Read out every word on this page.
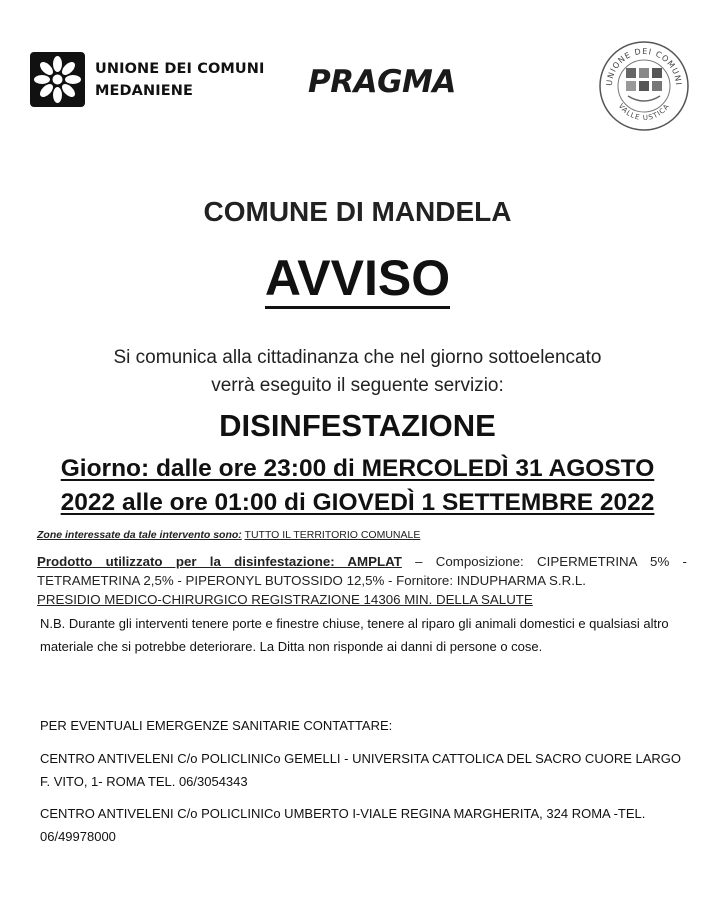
UNIONE DEI COMUNI
MEDANIENE	PRAGMA	UNIONE DEI COMUNI
VALLE USTICA
COMUNE DI MANDELA
AVVISO
Si comunica alla cittadinanza che nel giorno sottoelencato
verrà eseguito il seguente servizio:
DISINFESTAZIONE
Giorno: dalle ore 23:00 di MERCOLEDÌ 31 AGOSTO
2022 alle ore 01:00 di GIOVEDÌ 1 SETTEMBRE 2022
Zone interessate da tale intervento sono: TUTTO IL TERRITORIO COMUNALE
Prodotto utilizzato per la disinfestazione: AMPLAT – Composizione: CIPERMETRINA 5% - TETRAMETRINA 2,5% - PIPERONYL BUTOSSIDO 12,5% - Fornitore: INDUPHARMA S.R.L.
PRESIDIO MEDICO-CHIRURGICO REGISTRAZIONE 14306 MIN. DELLA SALUTE
N.B. Durante gli interventi tenere porte e finestre chiuse, tenere al riparo gli animali domestici e qualsiasi altro materiale che si potrebbe deteriorare. La Ditta non risponde ai danni di persone o cose.
PER EVENTUALI EMERGENZE SANITARIE CONTATTARE:
CENTRO ANTIVELENI C/o POLICLINICo GEMELLI - UNIVERSITA CATTOLICA DEL SACRO CUORE LARGO F. VITO, 1- ROMA TEL. 06/3054343
CENTRO ANTIVELENI C/o POLICLINICo UMBERTO I-VIALE REGINA MARGHERITA, 324 ROMA -TEL. 06/49978000
